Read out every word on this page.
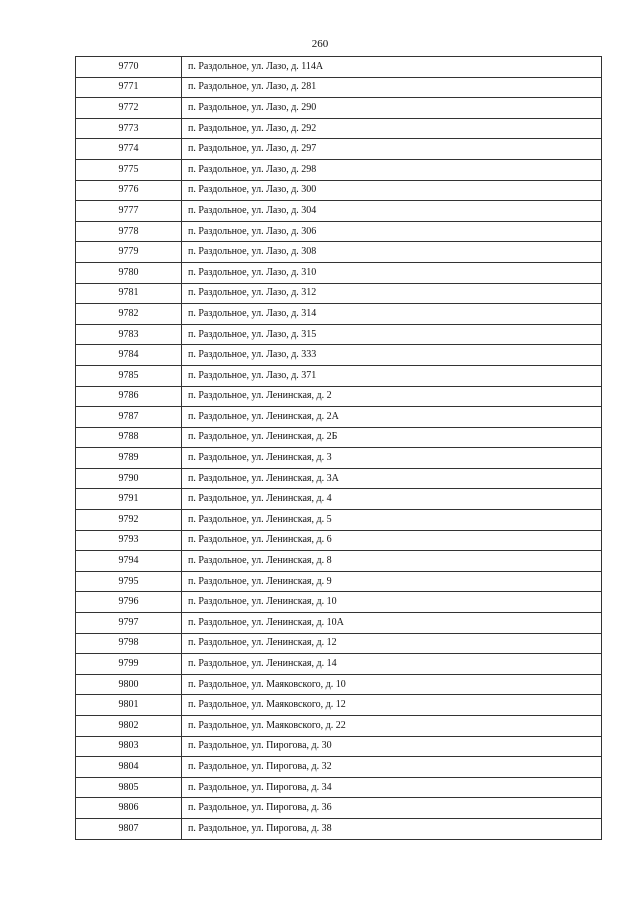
260
9770	п. Раздольное, ул. Лазо, д. 114А
9771	п. Раздольное, ул. Лазо, д. 281
9772	п. Раздольное, ул. Лазо, д. 290
9773	п. Раздольное, ул. Лазо, д. 292
9774	п. Раздольное, ул. Лазо, д. 297
9775	п. Раздольное, ул. Лазо, д. 298
9776	п. Раздольное, ул. Лазо, д. 300
9777	п. Раздольное, ул. Лазо, д. 304
9778	п. Раздольное, ул. Лазо, д. 306
9779	п. Раздольное, ул. Лазо, д. 308
9780	п. Раздольное, ул. Лазо, д. 310
9781	п. Раздольное, ул. Лазо, д. 312
9782	п. Раздольное, ул. Лазо, д. 314
9783	п. Раздольное, ул. Лазо, д. 315
9784	п. Раздольное, ул. Лазо, д. 333
9785	п. Раздольное, ул. Лазо, д. 371
9786	п. Раздольное, ул. Ленинская, д. 2
9787	п. Раздольное, ул. Ленинская, д. 2А
9788	п. Раздольное, ул. Ленинская, д. 2Б
9789	п. Раздольное, ул. Ленинская, д. 3
9790	п. Раздольное, ул. Ленинская, д. 3А
9791	п. Раздольное, ул. Ленинская, д. 4
9792	п. Раздольное, ул. Ленинская, д. 5
9793	п. Раздольное, ул. Ленинская, д. 6
9794	п. Раздольное, ул. Ленинская, д. 8
9795	п. Раздольное, ул. Ленинская, д. 9
9796	п. Раздольное, ул. Ленинская, д. 10
9797	п. Раздольное, ул. Ленинская, д. 10А
9798	п. Раздольное, ул. Ленинская, д. 12
9799	п. Раздольное, ул. Ленинская, д. 14
9800	п. Раздольное, ул. Маяковского, д. 10
9801	п. Раздольное, ул. Маяковского, д. 12
9802	п. Раздольное, ул. Маяковского, д. 22
9803	п. Раздольное, ул. Пирогова, д. 30
9804	п. Раздольное, ул. Пирогова, д. 32
9805	п. Раздольное, ул. Пирогова, д. 34
9806	п. Раздольное, ул. Пирогова, д. 36
9807	п. Раздольное, ул. Пирогова, д. 38
